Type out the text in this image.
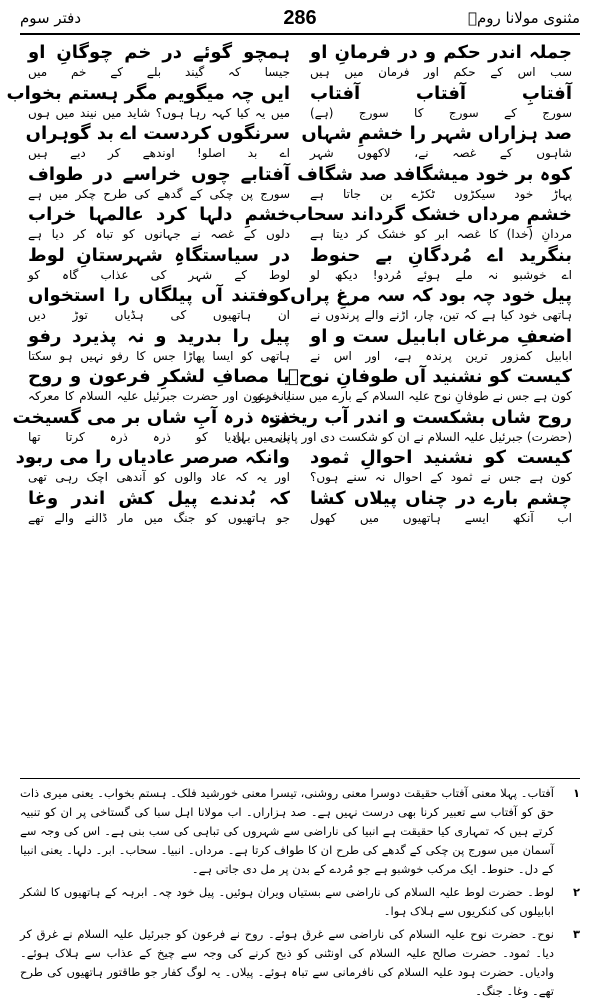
مثنوی مولانا رومؒ
286
دفتر سوم
جملہ اندر حکم و در فرمانِ او
سب اس کے حکم اور فرمان میں ہیں
ہمچو گوئے در خم چوگانِ او
جیسا کہ گیند بلے کے خم میں
آفتابِ آفتاب آفتاب
سورج کے سورج کا سورج (ہے)
ایں چہ میگویم مگر ہستم بخواب
میں یہ کیا کہہ رہا ہوں؟ شاید میں نیند میں ہوں
صد ہزاراں شہر را خشمِ شہاں
شاہوں کے غصہ نے، لاکھوں شہر
سرنگوں کردست اے بد گوہراں
اے بد اصلو! اوندھے کر دیے ہیں
کوہ بر خود میشگافد صد شگاف
پہاڑ خود سیکڑوں ٹکڑے بن جاتا ہے
آفتابے چوں خراسے در طواف
سورج پن چکی کے گدھے کی طرح چکر میں ہے
خشمِ مرداں خشک گرداند سحاب
مردانِ (خدا) کا غصہ ابر کو خشک کر دیتا ہے
خشمِ دلہا کرد عالمہا خراب
دلوں کے غصہ نے جہانوں کو تباہ کر دیا ہے
بنگرید اے مُردگانِ بے حنوط
اے خوشبو نہ ملے ہوئے مُردو! دیکھ لو
در سیاستگاہِ شہرستانِ لوط
لوط کے شہر کی عذاب گاہ کو
پیل خود چہ بود کہ سہ مرغِ پراں
ہاتھی خود کیا ہے کہ تین، چار، اڑنے والے پرندوں نے
کوفتند آں پیلگاں را استخواں
ان ہاتھیوں کی ہڈیاں توڑ دیں
اضعفِ مرغاں ابابیل ست و او
ابابیل کمزور ترین پرندہ ہے، اور اس نے
پیل را بدرید و نہ پذیرد رفو
ہاتھی کو ایسا پھاڑا جس کا رفو نہیں ہو سکتا
کیست کو نشنید آں طوفانِ نوحؑ
کون ہے جس نے طوفانِ نوح علیہ السلام کے بارے میں سنا نہ ہو
یا مصافِ لشکرِ فرعون و روح
یا فرعون اور حضرت جبرئیل علیہ السلام کا معرکہ
روح شاں بشکست و اندر آب ریخت
(حضرت) جبرئیل علیہ السلام نے ان کو شکست دی اور پانی میں بہادیا
ذرہ ذرہ آبِ شاں بر می گسیخت
پانی ان کو ذرہ ذرہ کرتا تھا
کیست کو نشنید احوالِ ثمود
کون ہے جس نے ثمود کے احوال نہ سنے ہوں؟
وانکہ صرصر عادیاں را می ربود
اور یہ کہ عاد والوں کو آندھی اچک رہی تھی
چشم بارے در چناں پیلاں کشا
اب آنکھ ایسے ہاتھیوں میں کھول
کہ بُدندے پیل کش اندر وغا
جو ہاتھیوں کو جنگ میں مار ڈالنے والے تھے
۱
آفتاب۔ پہلا معنی آفتاب حقیقت دوسرا معنی روشنی، تیسرا معنی خورشید فلک۔ ہستم بخواب۔ یعنی میری ذات حق کو آفتاب سے تعبیر کرنا بھی درست نہیں ہے۔ صد ہزاراں۔ اب مولانا اہل سبا کی گستاخی پر ان کو تنبیہ کرتے ہیں کہ تمہاری کیا حقیقت ہے انبیا کی ناراضی سے شہروں کی تباہی کی سب بنی ہے۔ اس کی وجہ سے آسمان میں سورج پن چکی کے گدھے کی طرح ان کا طواف کرتا ہے۔ مرداں۔ انبیا۔ سحاب۔ ابر۔ دلہا۔ یعنی انبیا کے دل۔ حنوط۔ ایک مرکب خوشبو ہے جو مُردے کے بدن پر مل دی جاتی ہے۔
۲
لوط۔ حضرت لوط علیہ السلام کی ناراضی سے بستیاں ویران ہوئیں۔ پیل خود چہ۔ ابرہہ کے ہاتھیوں کا لشکر ابابیلوں کی کنکریوں سے ہلاک ہوا۔
۳
نوح۔ حضرت نوح علیہ السلام کی ناراضی سے غرق ہوئے۔ روح نے فرعون کو جبرئیل علیہ السلام نے غرق کر دیا۔ ثمود۔ حضرت صالح علیہ السلام کی اونٹنی کو ذبح کرنے کی وجہ سے چیخ کے عذاب سے ہلاک ہوئے۔ وادیاں۔ حضرت ہود علیہ السلام کی نافرمانی سے تباہ ہوئے۔ پیلاں۔ یہ لوگ کفار جو طاقتور ہاتھیوں کی طرح تھے۔ وغا۔ جنگ۔
